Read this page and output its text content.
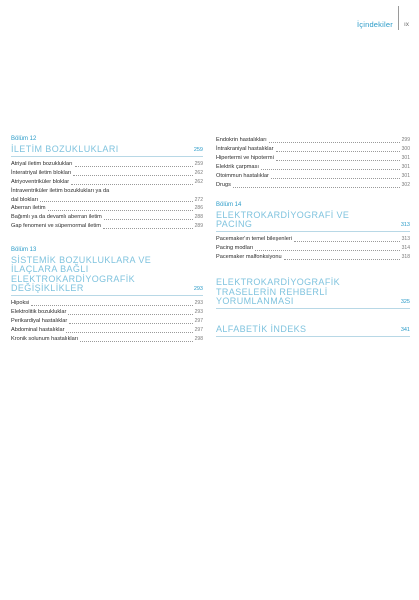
İçindekiler ıx
Bölüm 12
İLETİM BOZUKLUKLARI	259
Atriyal iletim bozuklukları	259
İnteratriyal iletim blokları	262
Atriyoventriküler bloklar	262
İntraventriküler iletim bozuklukları ya da
dal blokları	272
Aberran iletim	286
Bağımlı ya da devamlı aberran iletim	288
Gap fenomeni ve süpernormal iletim	289
Bölüm 13
SİSTEMİK BOZUKLUKLARA VE
İLAÇLARA BAĞLI
ELEKTROKARDİYOGRAFİK
DEĞİŞİKLİKLER	293
Hipoksi	293
Elektrolitik bozukluklar	293
Perikardiyal hastalıklar	297
Abdominal hastalıklar	297
Kronik solunum hastalıkları	298
Endokrin hastalıkları	299
İntrakraniyal hastalıklar	300
Hipertermi ve hipotermi	301
Elektrik çarpması	301
Otoimmun hastalıklar	301
Drugs	302
Bölüm 14
ELEKTROKARDİYOGRAFİ VE
PACING	313
Pacemaker'ın temel bileşenleri	313
Pacing modları	314
Pacemaker malfonksiyonu	318
ELEKTROKARDİYOGRAFİK
TRASELERİN REHBERLİ
YORUMLANMASI	325
ALFABETİK İNDEKS	341
